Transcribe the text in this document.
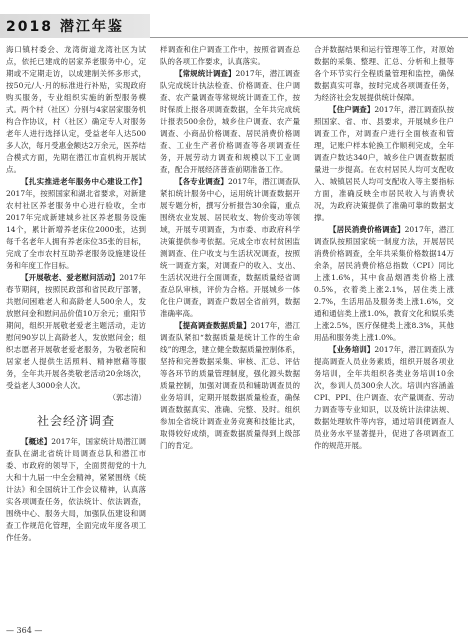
2018 潜江年鉴

海口镇村委会、龙湾街道龙湾社区为试点，依托已建成的居家养老服务中心，定期或不定期走访，以成建制关怀多形式，按50元/人·月的标准进行补贴，实现政府购买服务，专业组织实施的新型服务模式。两个村（社区）分别与4家居家服务机构合作协议，村（社区）确定专人对服务老年人进行选择认定，受益老年人达500多人次，每月受惠金额达2万余元，医养结合模式方面，先期在潜江市直机构开展试点。

【扎实推进老年服务中心建设工作】2017年，按照国家和湖北省要求，对新建农村社区养老服务中心进行验收，全市2017年完成新建城乡社区养老服务设施14个，累计新增养老床位2000张，达到每千名老年人拥有养老床位35张的目标，完成了全市农村互助养老服务设施建设任务和年度工作目标。

【开展敬老、爱老慰问活动】2017年春节期间，按照民政部和省民政厅部署，共慰问困难老人和高龄老人500余人，发放慰问金和慰问品价值10万余元；重阳节期间，组织开展敬老爱老主题活动，走访慰问90岁以上高龄老人，发放慰问金；组织志愿者开展敬老爱老服务，为敬老院和居家老人提供生活照料、精神慰藉等服务，全年共开展各类敬老活动20余场次，受益老人3000余人次。

（郭志清）

社会经济调查

【概述】2017年，国家统计局潜江调查队在湖北省统计局调查总队和潜江市委、市政府的领导下，全面贯彻党的十九大和十九届一中全会精神，紧紧围绕《统计法》和全国统计工作会议精神，认真落实各项调查任务，依法统计、依法调查，围绕中心、服务大局，加强队伍建设和调查工作规范化管理，全面完成年度各项工作任务。

样调查和住户调查工作中，按照省调查总队的各项工作要求，认真落实。

【常规统计调查】2017年，潜江调查队完成统计执法检查、价格调查、住户调查、农产量调查等常规统计调查工作，按时保质上报各项调查数据，全年共完成统计报表500余份，城乡住户调查、农产量调查、小商品价格调查、居民消费价格调查、工业生产者价格调查等各项调查任务，开展劳动力调查和规模以下工业调查，配合开展经济普查前期准备工作。

【各专业调查】2017年，潜江调查队紧扣统计服务中心，运用统计调查数据开展专题分析，撰写分析报告30余篇，重点围绕农业发展、居民收支、物价变动等领域，开展专项调查，为市委、市政府科学决策提供参考依据。完成全市农村贫困监测调查、住户收支与生活状况调查，按照统一调查方案，对调查户的收入、支出、生活状况进行全面调查，数据质量经省调查总队审核，评价为合格。开展城乡一体化住户调查，调查户数居全省前列，数据准确率高。

【提高调查数据质量】2017年，潜江调查队紧扣“数据质量是统计工作的生命线”的理念，建立健全数据质量控制体系，坚持和完善数据采集、审核、汇总、评估等各环节的质量管理制度，强化源头数据质量控制，加强对调查员和辅助调查员的业务培训，定期开展数据质量检查，确保调查数据真实、准确、完整、及时。组织参加全省统计调查业务竞赛和技能比武，取得较好成绩，调查数据质量得到上级部门的肯定。

合并数据结果和运行管理等工作，对原始数据的采集、整理、汇总、分析和上报等各个环节实行全程质量管理和监控，确保数据真实可靠，按时完成各项调查任务，为经济社会发展提供统计保障。

【住户调查】2017年，潜江调查队按照国家、省、市、县要求，开展城乡住户调查工作，对调查户进行全面核查和管理，记账户样本轮换工作顺利完成，全年调查户数达340户，城乡住户调查数据质量进一步提高。在农村居民人均可支配收入、城镇居民人均可支配收入等主要指标方面，准确反映全市居民收入与消费状况，为政府决策提供了准确可靠的数据支撑。

【居民消费价格调查】2017年，潜江调查队按照国家统一制度方法，开展居民消费价格调查，全年共采集价格数据14万余条，居民消费价格总指数（CPI）同比上涨1.6%，其中食品烟酒类价格上涨0.5%，衣着类上涨2.1%，居住类上涨2.7%，生活用品及服务类上涨1.6%，交通和通信类上涨1.0%，教育文化和娱乐类上涨2.5%，医疗保健类上涨8.3%，其他用品和服务类上涨1.0%。

【业务培训】2017年，潜江调查队为提高调查人员业务素质，组织开展各项业务培训，全年共组织各类业务培训10余次，参训人员300余人次。培训内容涵盖CPI、PPI、住户调查、农产量调查、劳动力调查等专业知识，以及统计法律法规、数据处理软件等内容，通过培训使调查人员业务水平显著提升，促进了各项调查工作的规范开展。

— 364 —
